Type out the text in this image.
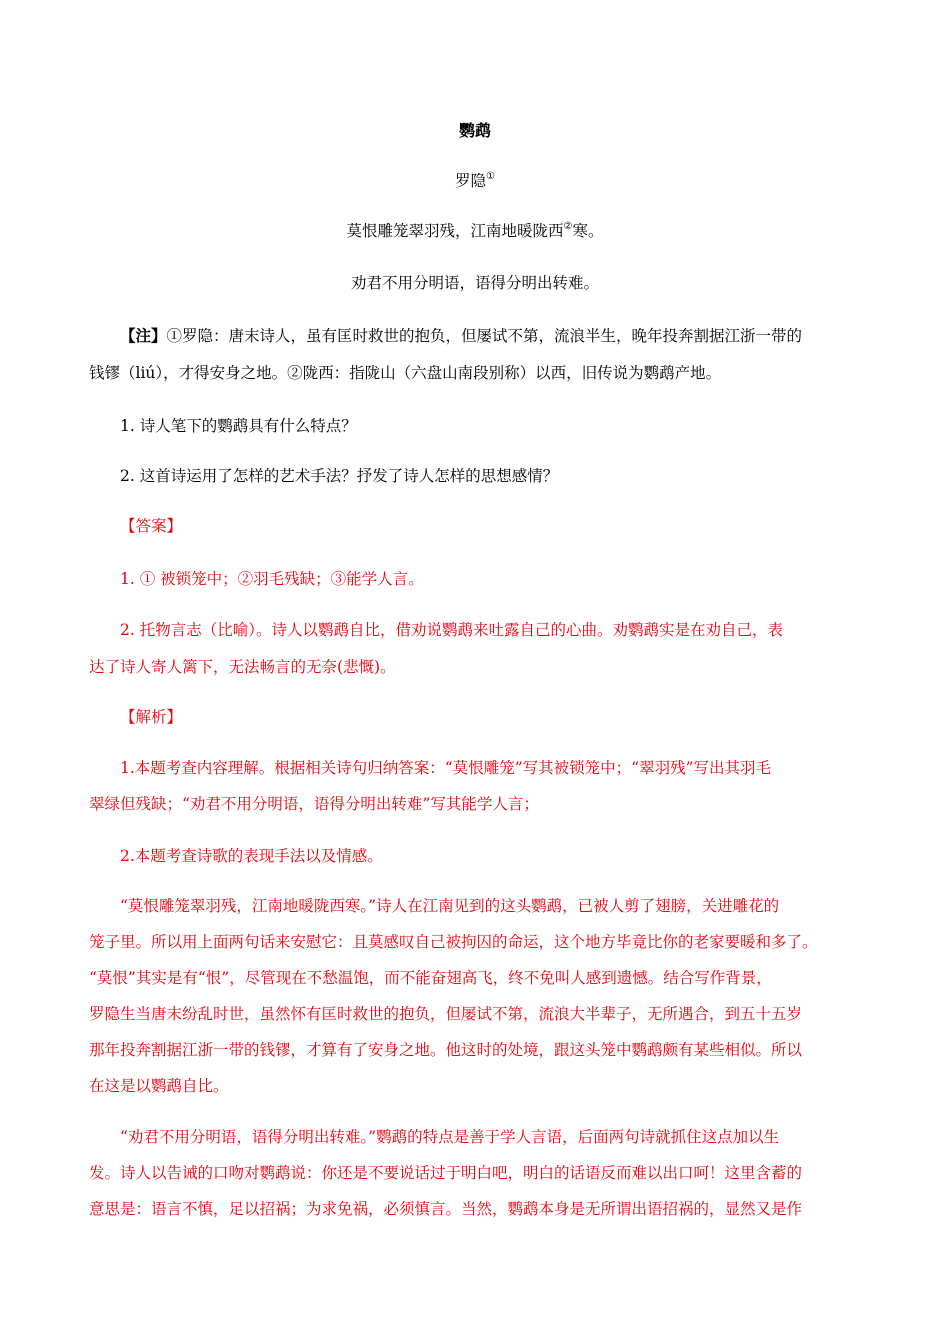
鹦鹉
罗隐①
莫恨雕笼翠羽残，江南地暖陇西②寒。
劝君不用分明语，语得分明出转难。
【注】①罗隐：唐末诗人，虽有匡时救世的抱负，但屡试不第，流浪半生，晚年投奔割据江浙一带的
钱镠（liú），才得安身之地。②陇西：指陇山（六盘山南段别称）以西，旧传说为鹦鹉产地。
1. 诗人笔下的鹦鹉具有什么特点？
2. 这首诗运用了怎样的艺术手法？抒发了诗人怎样的思想感情？
【答案】
1. ① 被锁笼中；②羽毛残缺；③能学人言。
2. 托物言志（比喻）。诗人以鹦鹉自比，借劝说鹦鹉来吐露自己的心曲。劝鹦鹉实是在劝自己，表
达了诗人寄人篱下，无法畅言的无奈(悲慨)。
【解析】
1.本题考查内容理解。根据相关诗句归纳答案：“莫恨雕笼”写其被锁笼中；“翠羽残”写出其羽毛
翠绿但残缺；“劝君不用分明语，语得分明出转难”写其能学人言；
2.本题考查诗歌的表现手法以及情感。
“莫恨雕笼翠羽残，江南地暖陇西寒。”诗人在江南见到的这头鹦鹉，已被人剪了翅膀，关进雕花的
笼子里。所以用上面两句话来安慰它：且莫感叹自己被拘囚的命运，这个地方毕竟比你的老家要暖和多了。
“莫恨”其实是有“恨”，尽管现在不愁温饱，而不能奋翅高飞，终不免叫人感到遗憾。结合写作背景，
罗隐生当唐末纷乱时世，虽然怀有匡时救世的抱负，但屡试不第，流浪大半辈子，无所遇合，到五十五岁
那年投奔割据江浙一带的钱镠，才算有了安身之地。他这时的处境，跟这头笼中鹦鹉颇有某些相似。所以
在这是以鹦鹉自比。
“劝君不用分明语，语得分明出转难。”鹦鹉的特点是善于学人言语，后面两句诗就抓住这点加以生
发。诗人以告诫的口吻对鹦鹉说：你还是不要说话过于明白吧，明白的话语反而难以出口呵！这里含蓄的
意思是：语言不慎，足以招祸；为求免祸，必须慎言。当然，鹦鹉本身是无所谓出语招祸的，显然又是作
